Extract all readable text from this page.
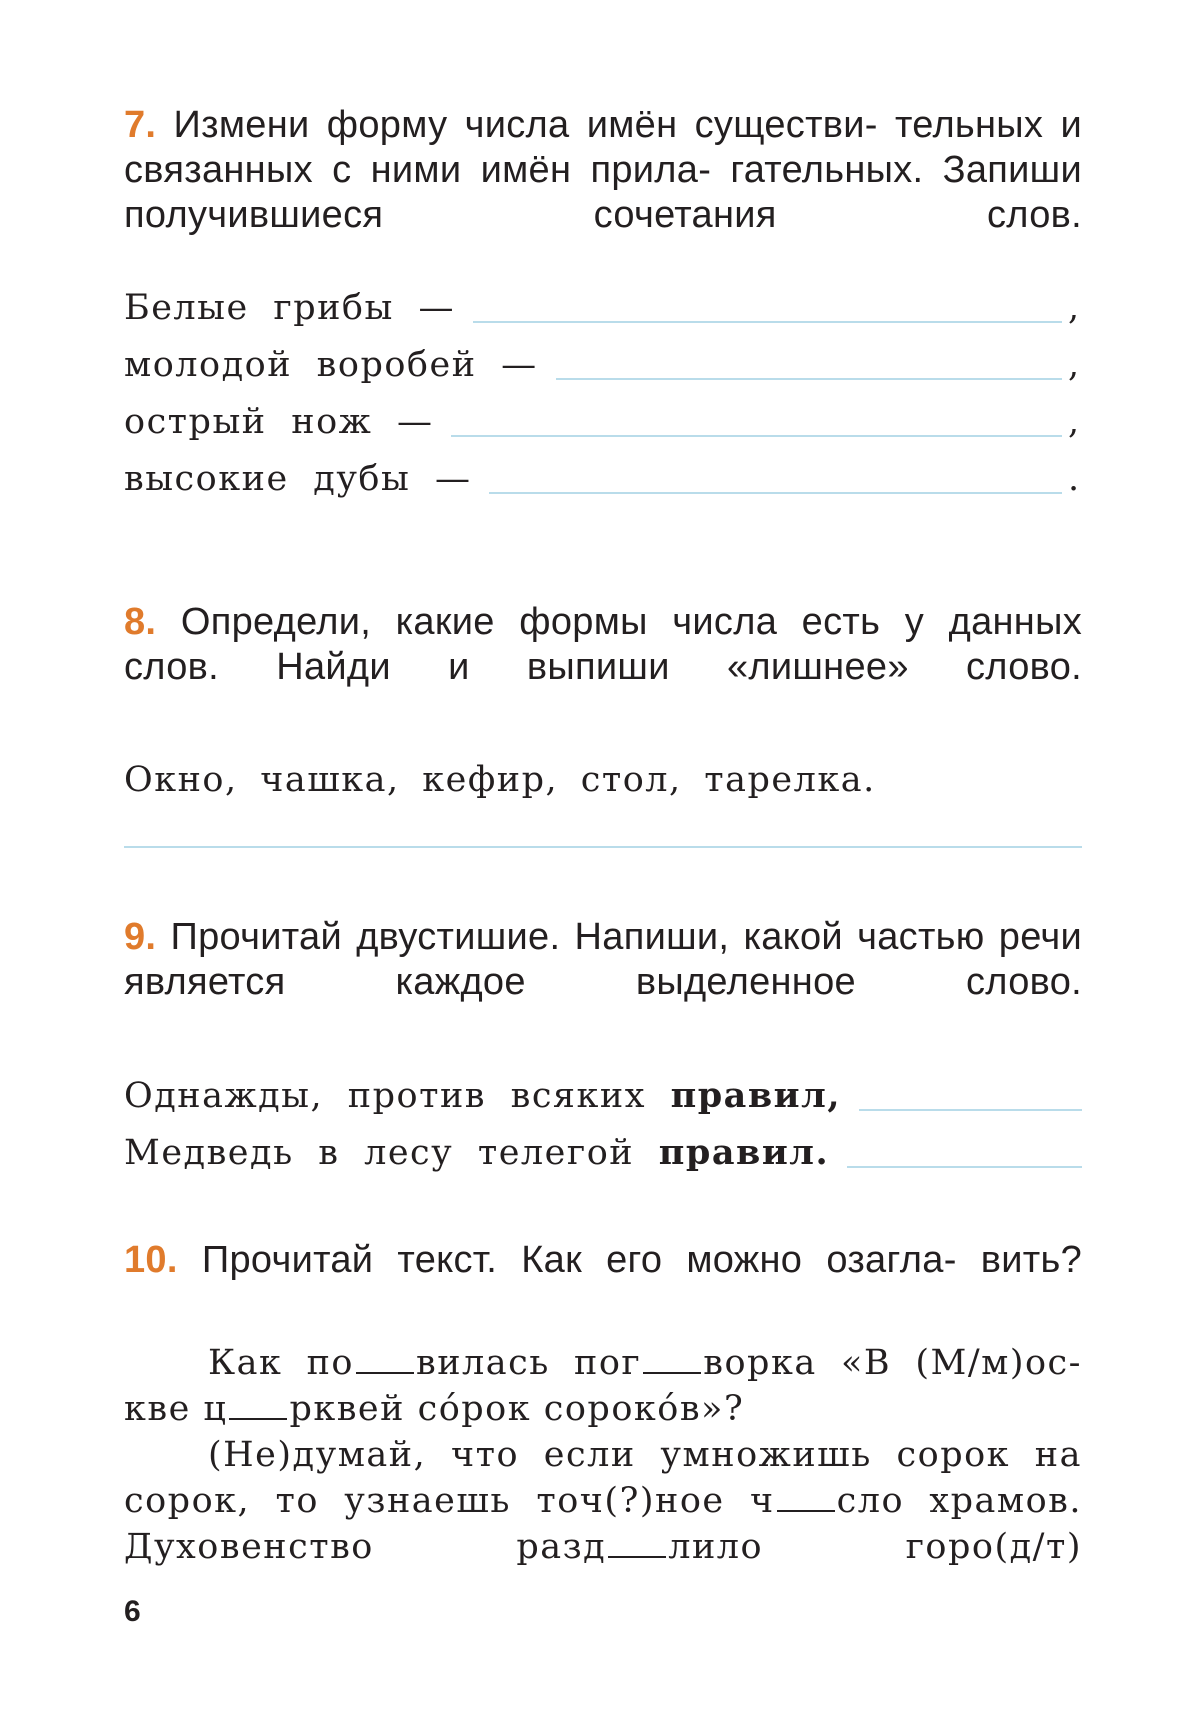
7. Измени форму числа имён существи- тельных и связанных с ними имён прила- гательных. Запиши получившиеся сочетания слов.
Белые грибы —	,
молодой воробей —	,
острый нож —	,
высокие дубы —	.
8. Определи, какие формы числа есть у данных слов. Найди и выпиши «лишнее» слово.
Окно, чашка, кефир, стол, тарелка.
9. Прочитай двустишие. Напиши, какой частью речи является каждое выделенное слово.
Однажды, против всяких правил,
Медведь в лесу телегой правил.
10. Прочитай текст. Как его можно озагла- вить?
Как по вилась пог ворка «В (М/м)ос- кве ц рквей со́рок сороко́в»?
(Не)думай, что если умножишь сорок на сорок, то узнаешь точ(?)ное ч сло храмов. Духовенство разд лило горо(д/т)
6
